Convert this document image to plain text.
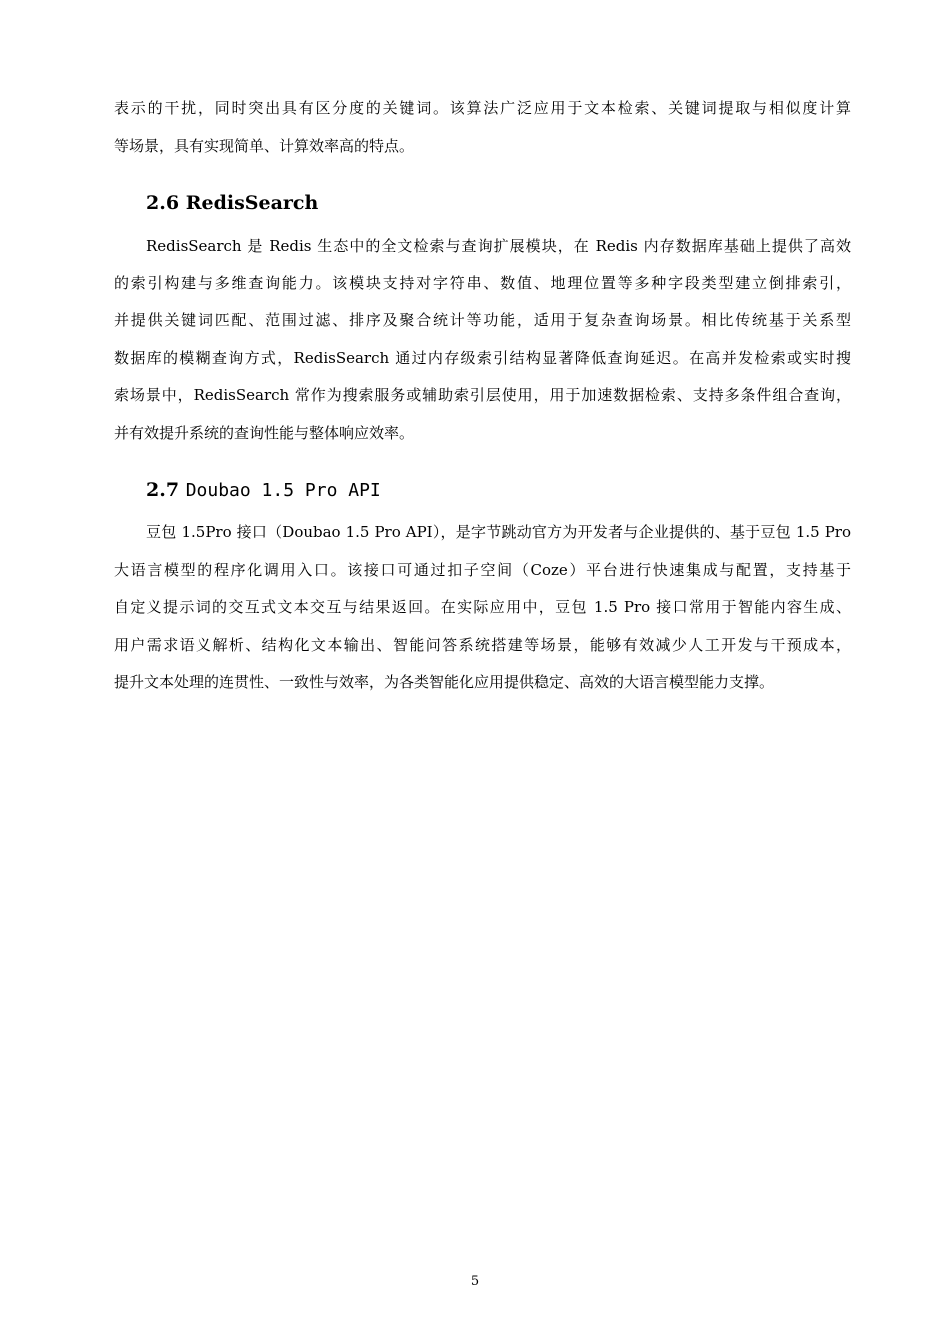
表示的干扰，同时突出具有区分度的关键词。该算法广泛应用于文本检索、关键词提取与相似度计算
等场景，具有实现简单、计算效率高的特点。
2.6 RedisSearch
RedisSearch 是 Redis 生态中的全文检索与查询扩展模块，在 Redis 内存数据库基础上提供了高效
的索引构建与多维查询能力。该模块支持对字符串、数值、地理位置等多种字段类型建立倒排索引，
并提供关键词匹配、范围过滤、排序及聚合统计等功能，适用于复杂查询场景。相比传统基于关系型
数据库的模糊查询方式，RedisSearch 通过内存级索引结构显著降低查询延迟。在高并发检索或实时搜
索场景中，RedisSearch 常作为搜索服务或辅助索引层使用，用于加速数据检索、支持多条件组合查询，
并有效提升系统的查询性能与整体响应效率。
2.7 Doubao 1.5 Pro API
豆包 1.5Pro 接口（Doubao 1.5 Pro API），是字节跳动官方为开发者与企业提供的、基于豆包 1.5 Pro
大语言模型的程序化调用入口。该接口可通过扣子空间（Coze）平台进行快速集成与配置，支持基于
自定义提示词的交互式文本交互与结果返回。在实际应用中，豆包 1.5 Pro 接口常用于智能内容生成、
用户需求语义解析、结构化文本输出、智能问答系统搭建等场景，能够有效减少人工开发与干预成本，
提升文本处理的连贯性、一致性与效率，为各类智能化应用提供稳定、高效的大语言模型能力支撑。
5
